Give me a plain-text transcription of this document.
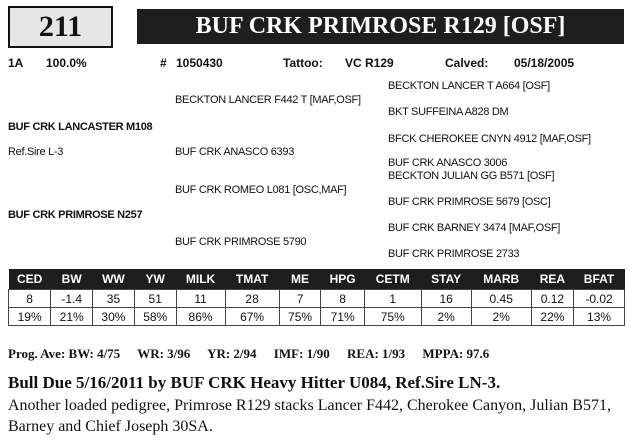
211	BUF CRK PRIMROSE R129 [OSF]
1A 100.0%	# 1050430	Tattoo: VC R129	Calved: 05/18/2005
BECKTON LANCER T A664 [OSF]
BECKTON LANCER F442 T [MAF,OSF]
BKT SUFFEINA A828 DM
BUF CRK LANCASTER M108
BFCK CHEROKEE CNYN 4912 [MAF,OSF]
Ref.Sire L-3	BUF CRK ANASCO 6393
BUF CRK ANASCO 3006
BECKTON JULIAN GG B571 [OSF]
BUF CRK ROMEO L081 [OSC,MAF]
BUF CRK PRIMROSE 5679 [OSC]
BUF CRK PRIMROSE N257
BUF CRK BARNEY 3474 [MAF,OSF]
BUF CRK PRIMROSE 5790
BUF CRK PRIMROSE 2733
CED	BW	WW	YW	MILK	TMAT	ME	HPG	CETM	STAY	MARB	REA	BFAT
8	-1.4	35	51	11	28	7	8	1	16	0.45	0.12	-0.02
19%	21%	30%	58%	86%	67%	75%	71%	75%	2%	2%	22%	13%
Prog. Ave: BW: 4/75 WR: 3/96 YR: 2/94 IMF: 1/90 REA: 1/93 MPPA: 97.6
Bull Due 5/16/2011 by BUF CRK Heavy Hitter U084, Ref.Sire LN-3.
Another loaded pedigree, Primrose R129 stacks Lancer F442, Cherokee Canyon, Julian B571, Barney and Chief Joseph 30SA.
